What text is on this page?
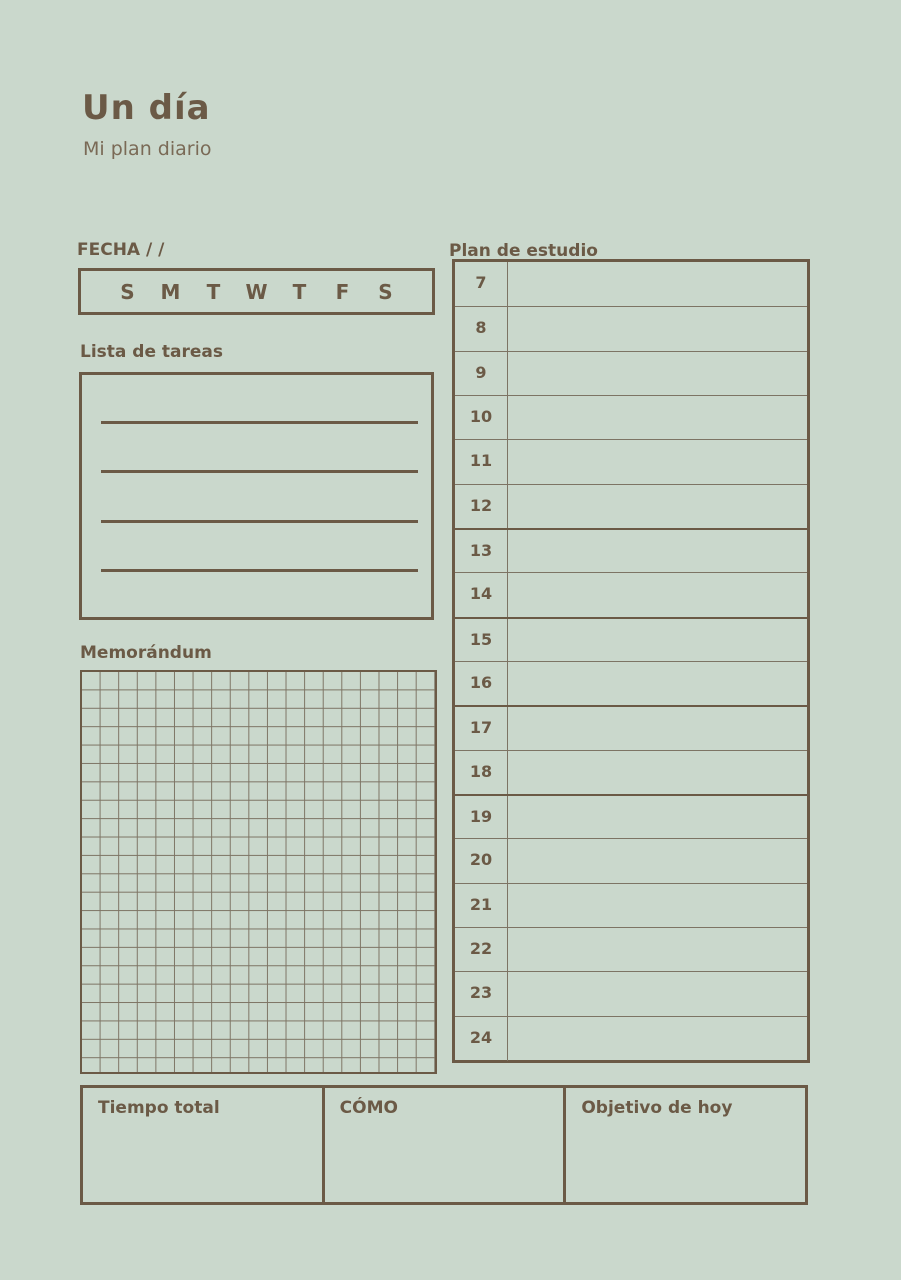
Un día
Mi plan diario
FECHA / /
S	M	T	W	T	F	S
Lista de tareas
Memorándum
Plan de estudio
7
8
9
10
11
12
13
14
15
16
17
18
19
20
21
22
23
24
Tiempo total	CÓMO	Objetivo de hoy
